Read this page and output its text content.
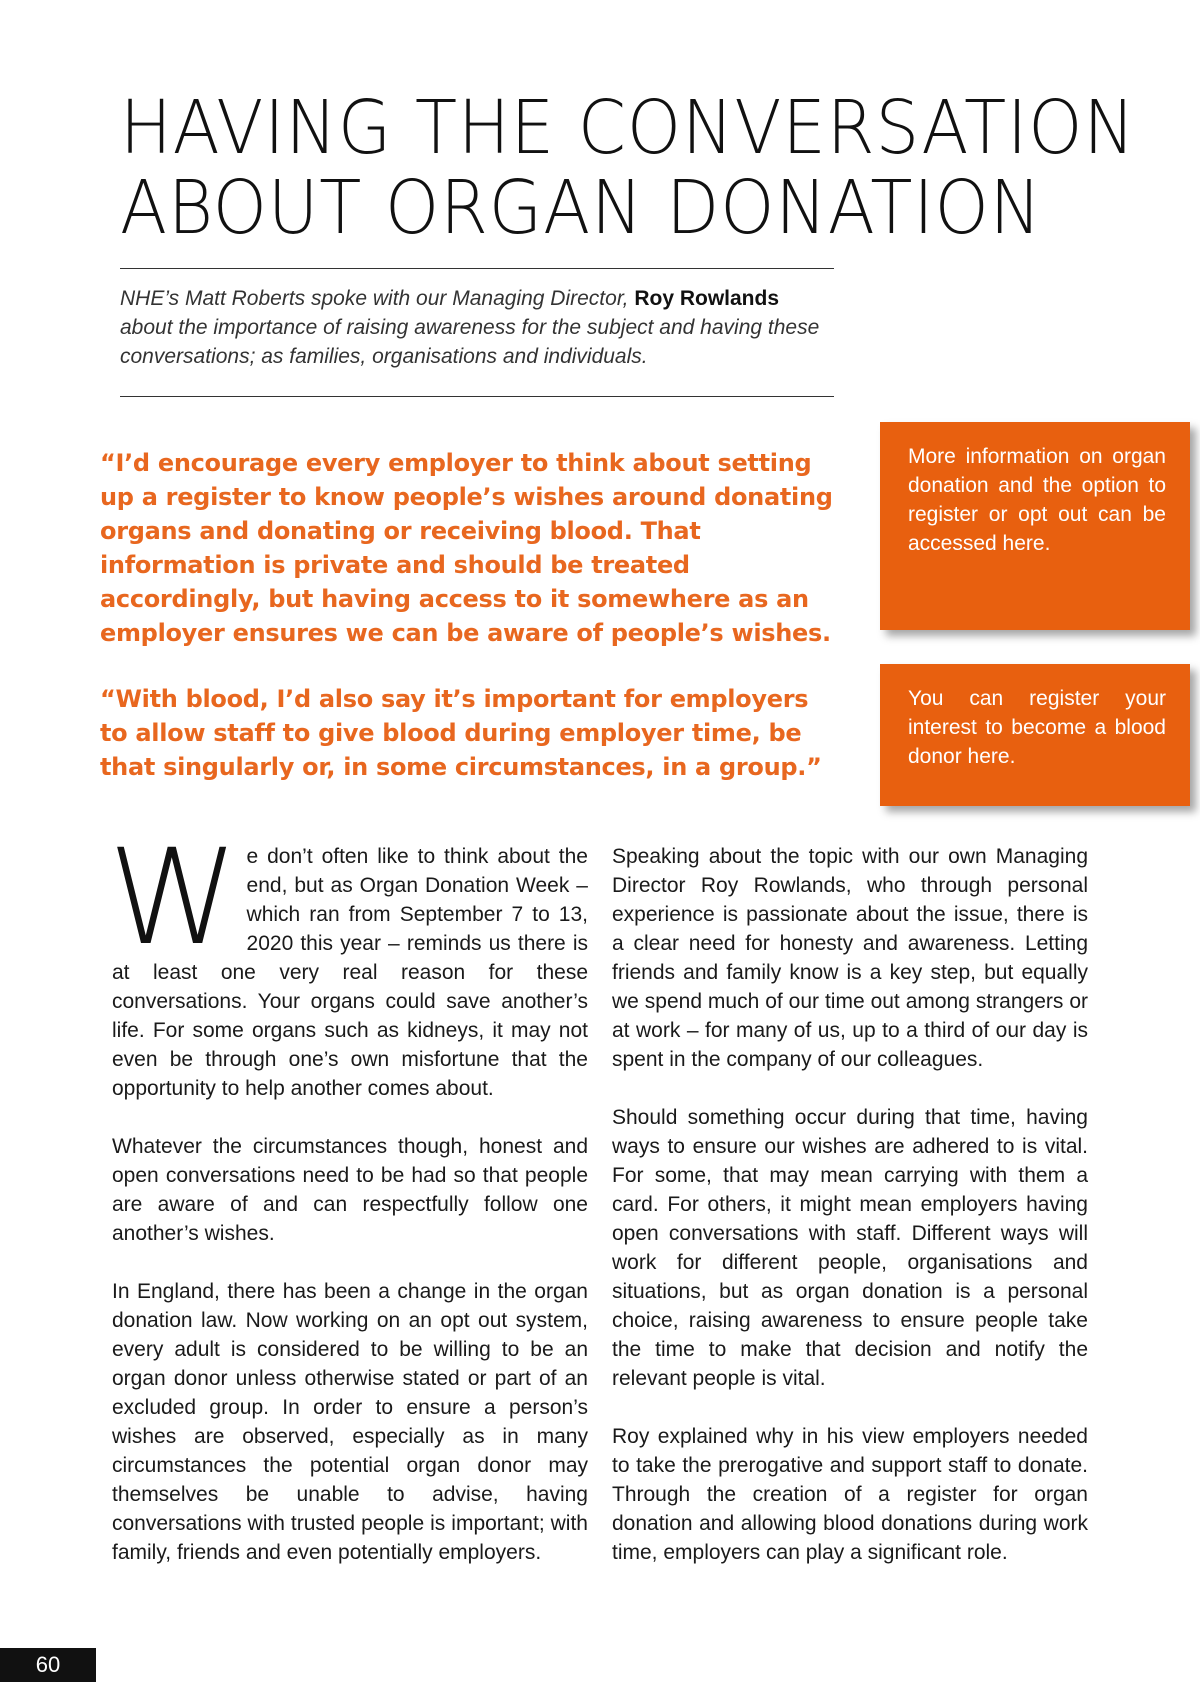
HAVING THE CONVERSATION
ABOUT ORGAN DONATION

NHE’s Matt Roberts spoke with our Managing Director, Roy Rowlands about the importance of raising awareness for the subject and having these conversations; as families, organisations and individuals.

“I’d encourage every employer to think about setting up a register to know people’s wishes around donating organs and donating or receiving blood. That information is private and should be treated accordingly, but having access to it somewhere as an employer ensures we can be aware of people’s wishes.

“With blood, I’d also say it’s important for employers to allow staff to give blood during employer time, be that singularly or, in some circumstances, in a group.”

More information on organ donation and the option to register or opt out can be accessed here.
You can register your interest to become a blood donor here.

We don’t often like to think about the end, but as Organ Donation Week – which ran from September 7 to 13, 2020 this year – reminds us there is at least one very real reason for these conversations. Your organs could save another’s life. For some organs such as kidneys, it may not even be through one’s own misfortune that the opportunity to help another comes about.

Whatever the circumstances though, honest and open conversations need to be had so that people are aware of and can respectfully follow one another’s wishes.

In England, there has been a change in the organ donation law. Now working on an opt out system, every adult is considered to be willing to be an organ donor unless otherwise stated or part of an excluded group. In order to ensure a person’s wishes are observed, especially as in many circumstances the potential organ donor may themselves be unable to advise, having conversations with trusted people is important; with family, friends and even potentially employers.

Speaking about the topic with our own Managing Director Roy Rowlands, who through personal experience is passionate about the issue, there is a clear need for honesty and awareness. Letting friends and family know is a key step, but equally we spend much of our time out among strangers or at work – for many of us, up to a third of our day is spent in the company of our colleagues.

Should something occur during that time, having ways to ensure our wishes are adhered to is vital. For some, that may mean carrying with them a card. For others, it might mean employers having open conversations with staff. Different ways will work for different people, organisations and situations, but as organ donation is a personal choice, raising awareness to ensure people take the time to make that decision and notify the relevant people is vital.

Roy explained why in his view employers needed to take the prerogative and support staff to donate. Through the creation of a register for organ donation and allowing blood donations during work time, employers can play a significant role.

60
